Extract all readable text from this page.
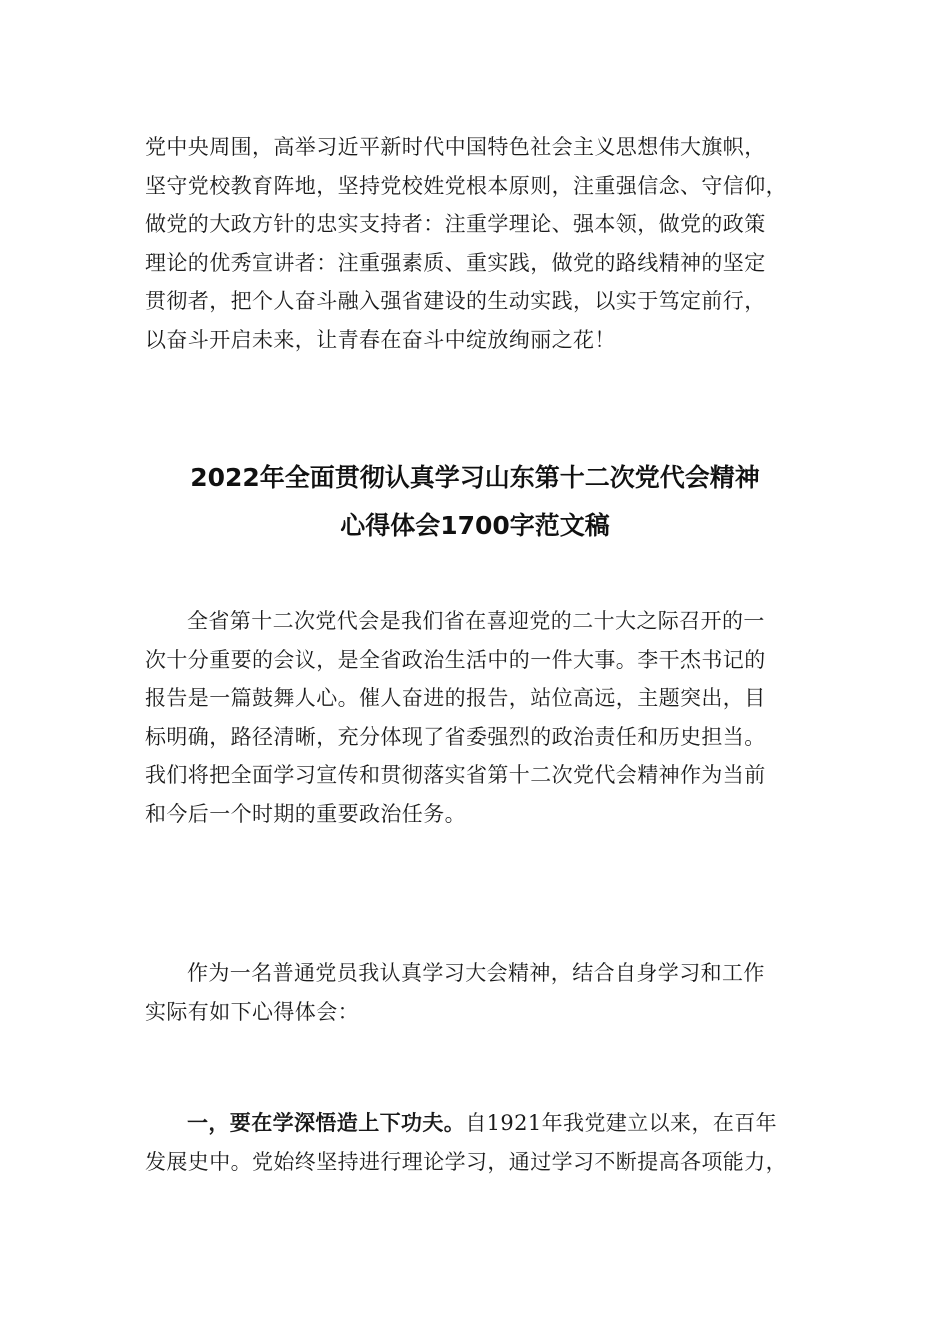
党中央周围，高举习近平新时代中国特色社会主义思想伟大旗帜，
坚守党校教育阵地，坚持党校姓党根本原则，注重强信念、守信仰，
做党的大政方针的忠实支持者：注重学理论、强本领，做党的政策
理论的优秀宣讲者：注重强素质、重实践，做党的路线精神的坚定
贯彻者，把个人奋斗融入强省建设的生动实践，以实于笃定前行，
以奋斗开启未来，让青春在奋斗中绽放绚丽之花！
2022年全面贯彻认真学习山东第十二次党代会精神
心得体会1700字范文稿
全省第十二次党代会是我们省在喜迎党的二十大之际召开的一
次十分重要的会议，是全省政治生活中的一件大事。李干杰书记的
报告是一篇鼓舞人心。催人奋进的报告，站位高远，主题突出，目
标明确，路径清晰，充分体现了省委强烈的政治责任和历史担当。
我们将把全面学习宣传和贯彻落实省第十二次党代会精神作为当前
和今后一个时期的重要政治任务。
作为一名普通党员我认真学习大会精神，结合自身学习和工作
实际有如下心得体会：
一，要在学深悟造上下功夫。自1921年我党建立以来，在百年
发展史中。党始终坚持进行理论学习，通过学习不断提高各项能力，
